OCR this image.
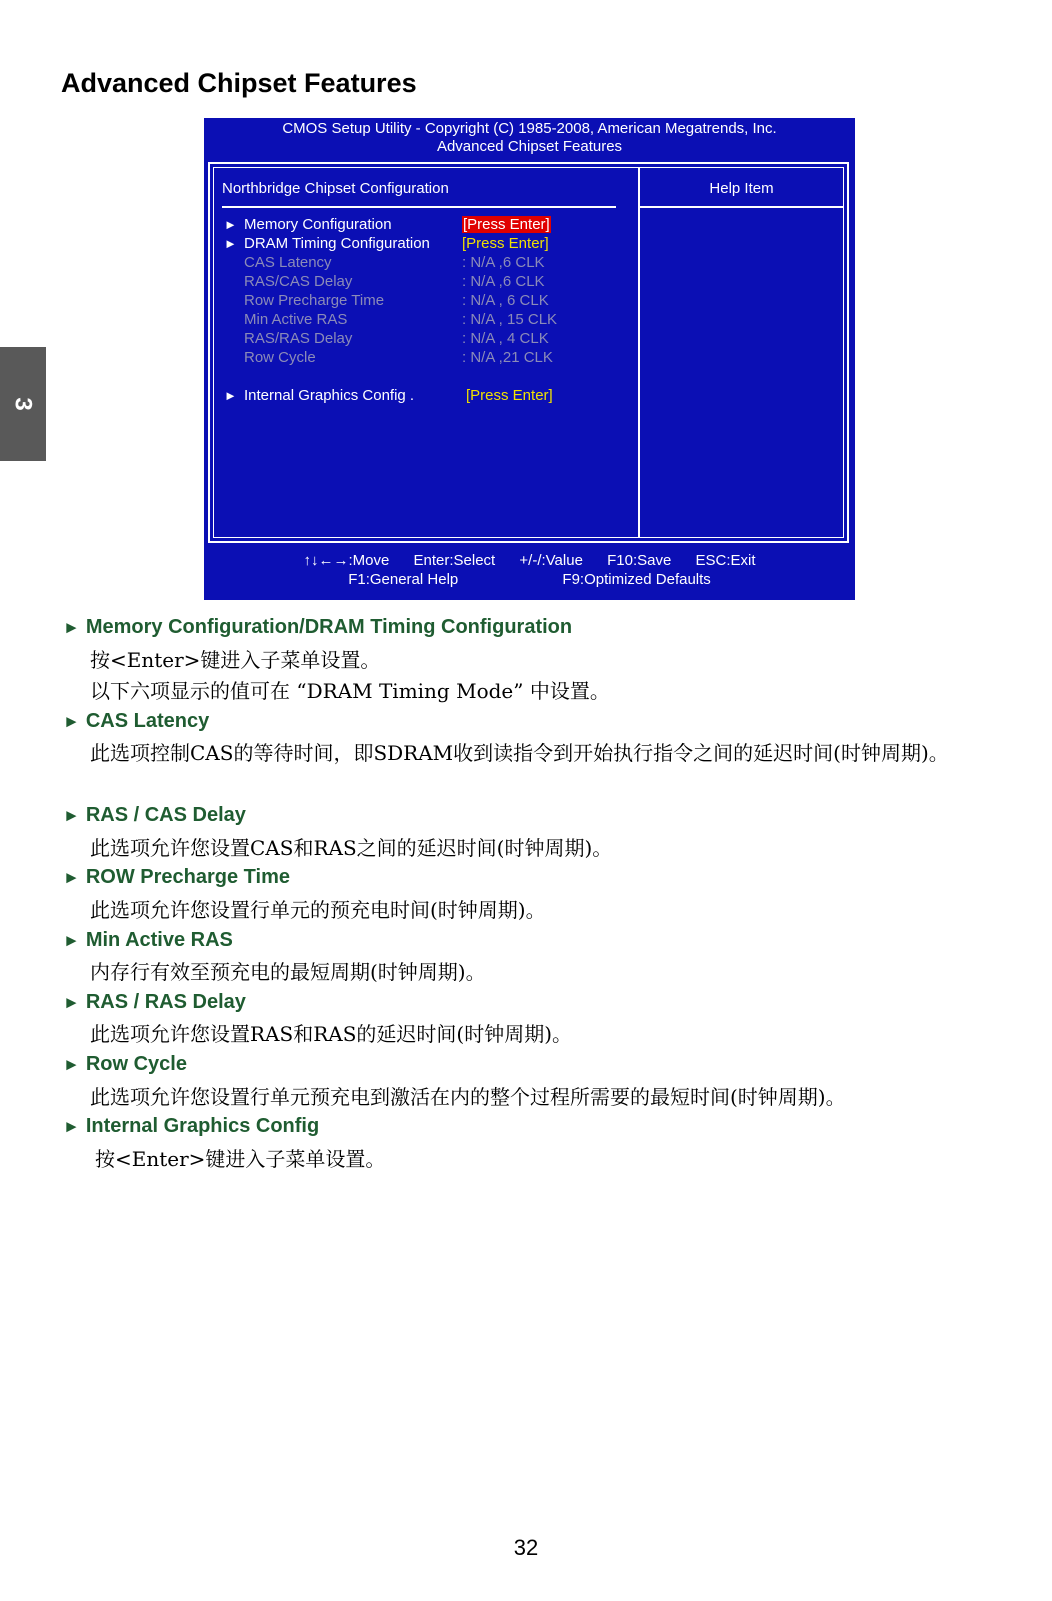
Advanced Chipset Features
3
CMOS Setup Utility - Copyright (C) 1985-2008, American Megatrends, Inc.
Advanced Chipset Features
Northbridge Chipset Configuration	Help Item
► Memory Configuration	[Press Enter]
► DRAM Timing Configuration [Press Enter]
CAS Latency	: N/A ,6 CLK
RAS/CAS Delay	: N/A ,6 CLK
Row Precharge Time	: N/A , 6 CLK
Min Active RAS	: N/A , 15 CLK
RAS/RAS Delay	: N/A , 4 CLK
Row Cycle	: N/A ,21 CLK
► Internal Graphics Config .	[Press Enter]
↑↓←→:Move Enter:Select +/-/:Value F10:Save ESC:Exit
F1:General Help	F9:Optimized Defaults
► Memory Configuration/DRAM Timing Configuration
按<Enter>键进入子菜单设置。
以下六项显示的值可在 “DRAM Timing Mode” 中设置。
► CAS Latency
此选项控制CAS的等待时间，即SDRAM收到读指令到开始执行指令之间的延迟时间(时钟周期)。
► RAS / CAS Delay
此选项允许您设置CAS和RAS之间的延迟时间(时钟周期)。
► ROW Precharge Time
此选项允许您设置行单元的预充电时间(时钟周期)。
► Min Active RAS
内存行有效至预充电的最短周期(时钟周期)。
► RAS / RAS Delay
此选项允许您设置RAS和RAS的延迟时间(时钟周期)。
► Row Cycle
此选项允许您设置行单元预充电到激活在内的整个过程所需要的最短时间(时钟周期)。
► Internal Graphics Config
按<Enter>键进入子菜单设置。
32
